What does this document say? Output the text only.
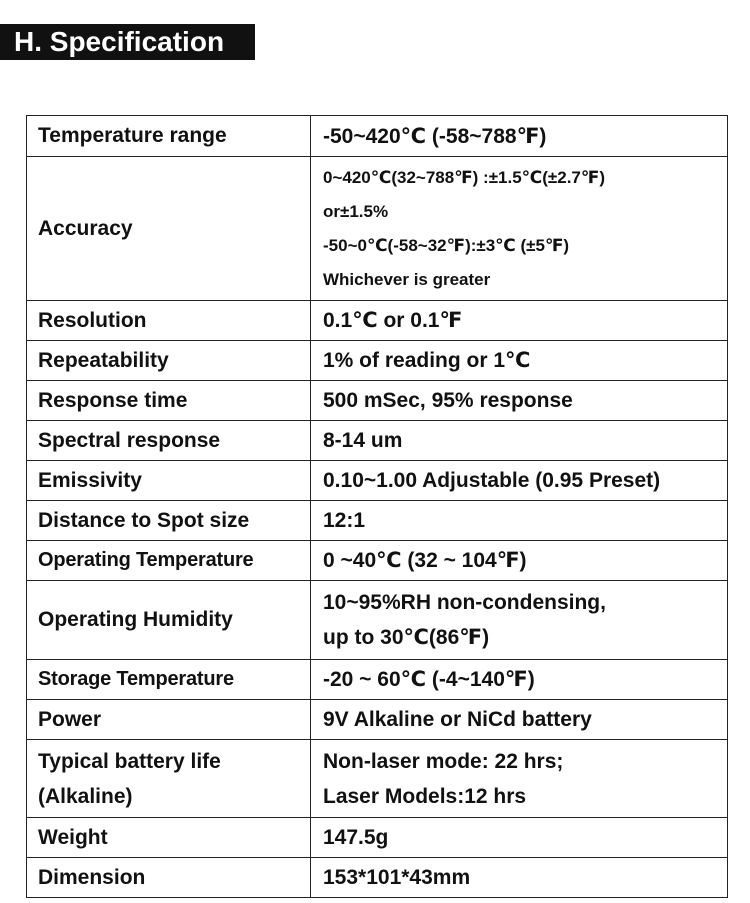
H. Specification
Temperature range	-50~420℃ (-58~788℉)

Accuracy	0~420℃(32~788℉) :±1.5℃(±2.7℉)
or±1.5%
-50~0℃(-58~32℉):±3℃ (±5℉)
Whichever is greater

Resolution	0.1℃ or 0.1℉

Repeatability	1% of reading or 1℃

Response time	500 mSec, 95% response

Spectral response	8-14 um

Emissivity	0.10~1.00 Adjustable (0.95 Preset)

Distance to Spot size	12:1

Operating Temperature	0 ~40℃ (32 ~ 104℉)

Operating Humidity	10~95%RH non-condensing,
up to 30℃(86℉)

Storage Temperature	-20 ~ 60℃ (-4~140℉)

Power	9V Alkaline or NiCd battery

Typical battery life
(Alkaline)	Non-laser mode: 22 hrs;
Laser Models:12 hrs

Weight	147.5g

Dimension	153*101*43mm
